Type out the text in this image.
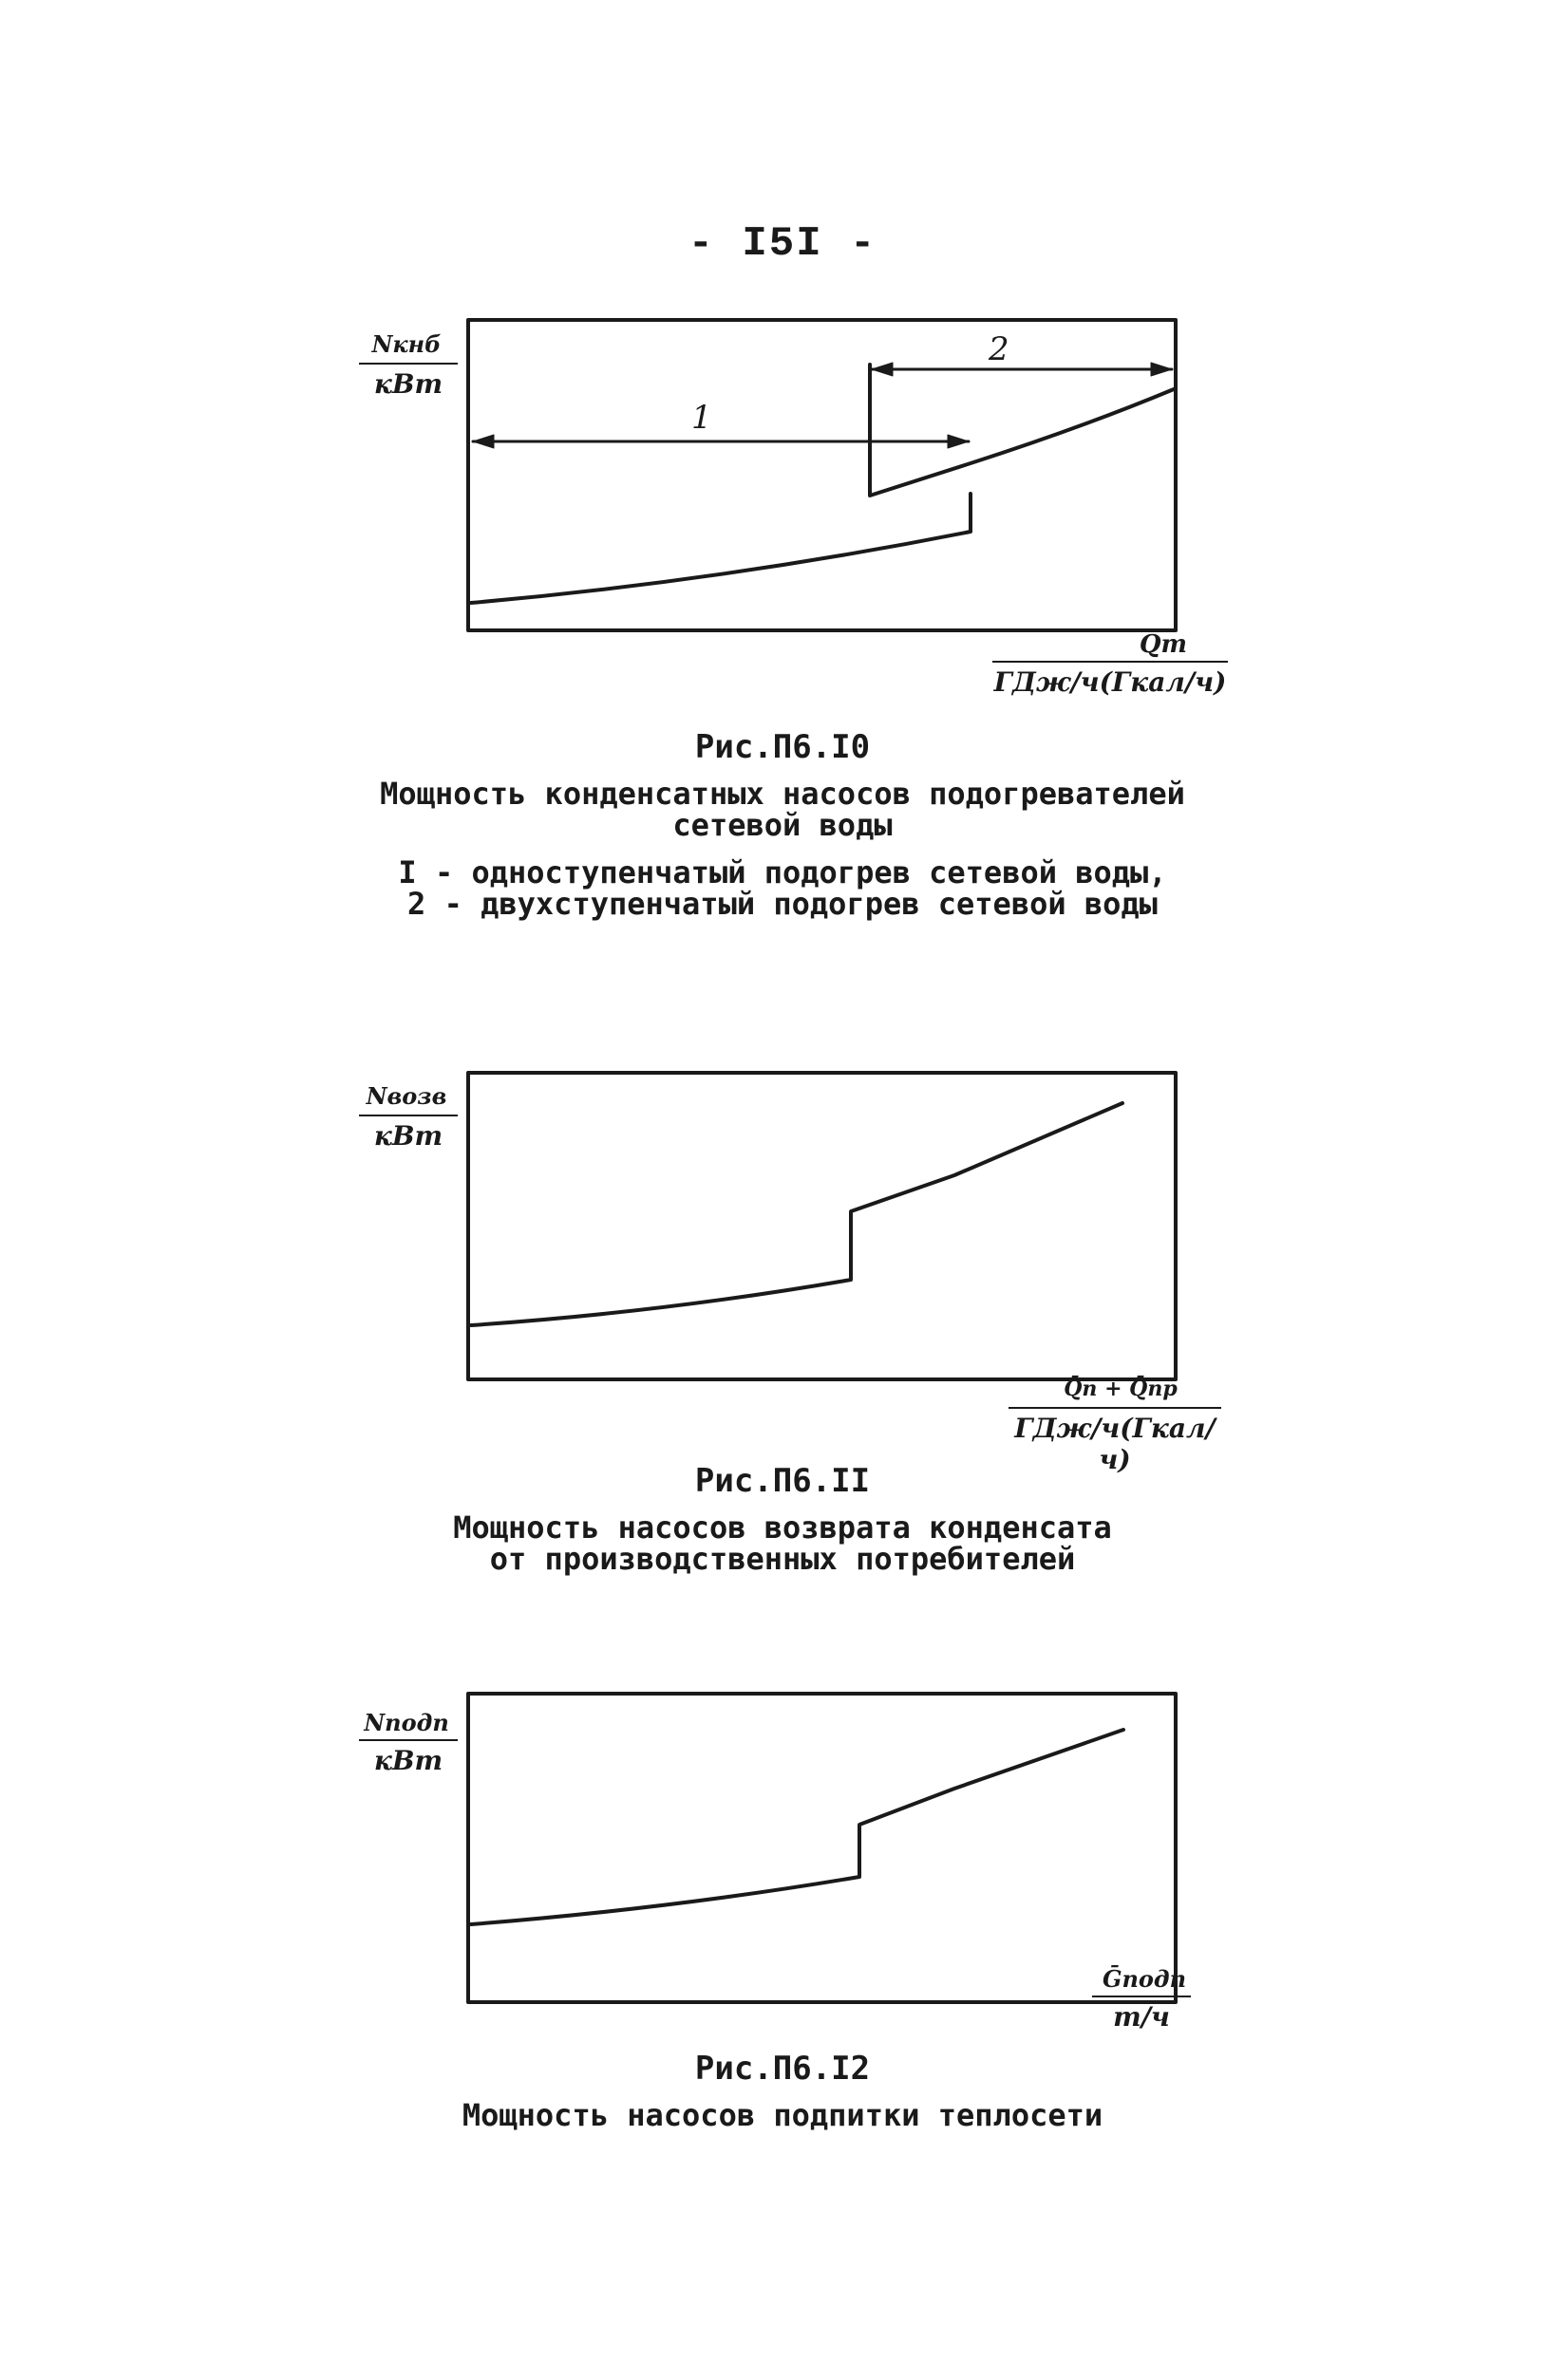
- I5I -
Nкнб
кВт
1
2
Q̄т
ГДж/ч(Гкал/ч)
Рис.П6.I0
Мощность конденсатных насосов подогревателей
сетевой воды
I - одноступенчатый подогрев сетевой воды,
2 - двухступенчатый подогрев сетевой воды
Nвозв
кВт
Q̄п + Q̄пр
ГДж/ч(Гкал/ч)
Рис.П6.II
Мощность насосов возврата конденсата
от производственных потребителей
Nподп
кВт
Ḡподп
т/ч
Рис.П6.I2
Мощность насосов подпитки теплосети
